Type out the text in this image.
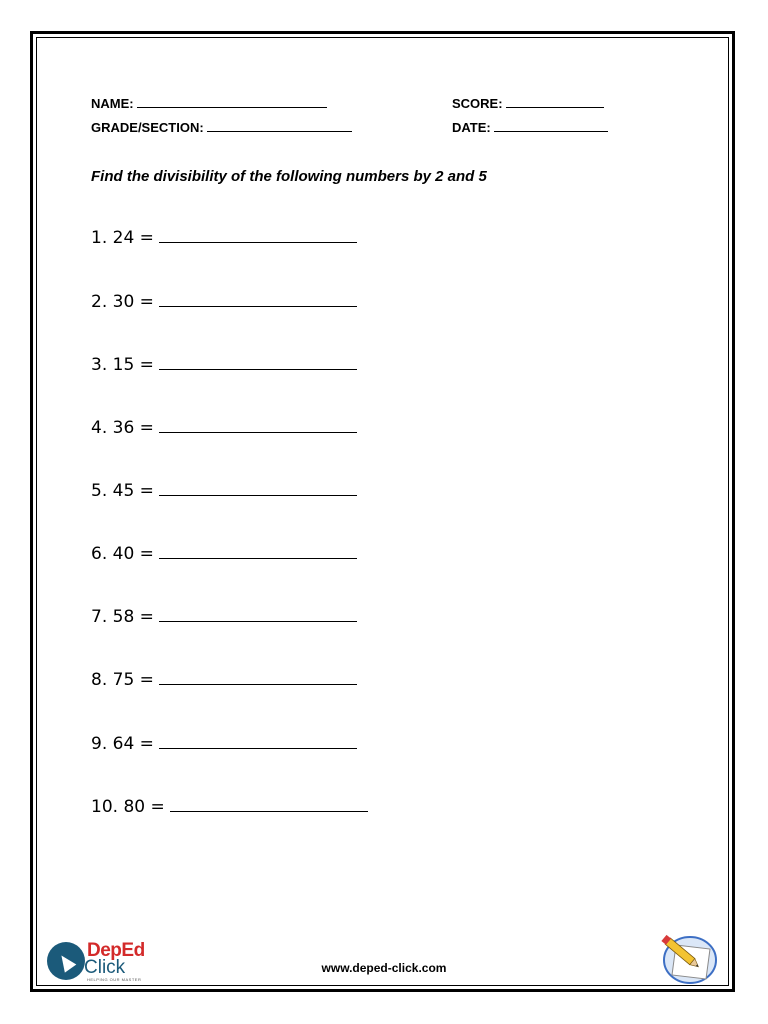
NAME:	SCORE:
GRADE/SECTION:	DATE:
Find the divisibility of the following numbers by 2 and 5
1. 24 =
2. 30 =
3. 15 =
4. 36 =
5. 45 =
6. 40 =
7. 58 =
8. 75 =
9. 64 =
10. 80 =
DepEd
Click
HELPING OUR MASTER
www.deped-click.com
